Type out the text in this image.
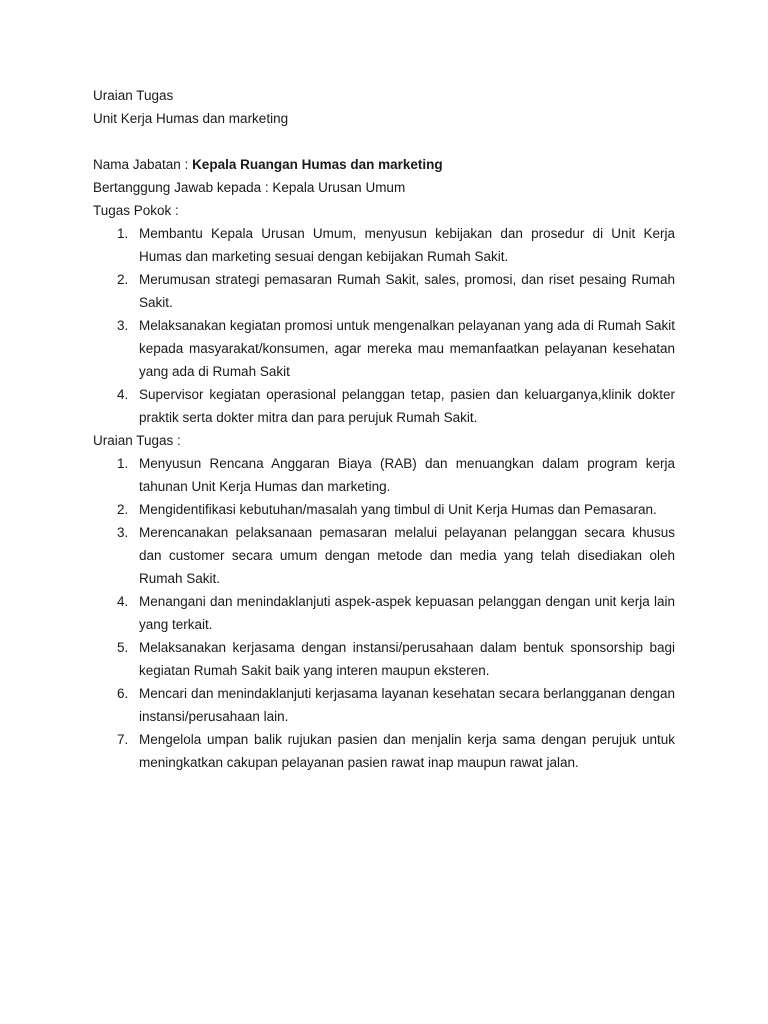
Uraian Tugas

Unit Kerja Humas dan marketing

Nama Jabatan : Kepala Ruangan Humas dan marketing

Bertanggung Jawab kepada : Kepala Urusan Umum

Tugas Pokok :

1. Membantu Kepala Urusan Umum, menyusun kebijakan dan prosedur di Unit Kerja Humas dan marketing sesuai dengan kebijakan Rumah Sakit.
2. Merumusan strategi pemasaran Rumah Sakit, sales, promosi, dan riset pesaing Rumah Sakit.
3. Melaksanakan kegiatan promosi untuk mengenalkan pelayanan yang ada di Rumah Sakit kepada masyarakat/konsumen, agar mereka mau memanfaatkan pelayanan kesehatan yang ada di Rumah Sakit
4. Supervisor kegiatan operasional pelanggan tetap, pasien dan keluarganya,klinik dokter praktik serta dokter mitra dan para perujuk Rumah Sakit.

Uraian Tugas :

1. Menyusun Rencana Anggaran Biaya (RAB) dan menuangkan dalam program kerja tahunan Unit Kerja Humas dan marketing.
2. Mengidentifikasi kebutuhan/masalah yang timbul di Unit Kerja Humas dan Pemasaran.
3. Merencanakan pelaksanaan pemasaran melalui pelayanan pelanggan secara khusus dan customer secara umum dengan metode dan media yang telah disediakan oleh Rumah Sakit.
4. Menangani dan menindaklanjuti aspek-aspek kepuasan pelanggan dengan unit kerja lain yang terkait.
5. Melaksanakan kerjasama dengan instansi/perusahaan dalam bentuk sponsorship bagi kegiatan Rumah Sakit baik yang interen maupun eksteren.
6. Mencari dan menindaklanjuti kerjasama layanan kesehatan secara berlangganan dengan instansi/perusahaan lain.
7. Mengelola umpan balik rujukan pasien dan menjalin kerja sama dengan perujuk untuk meningkatkan cakupan pelayanan pasien rawat inap maupun rawat jalan.
